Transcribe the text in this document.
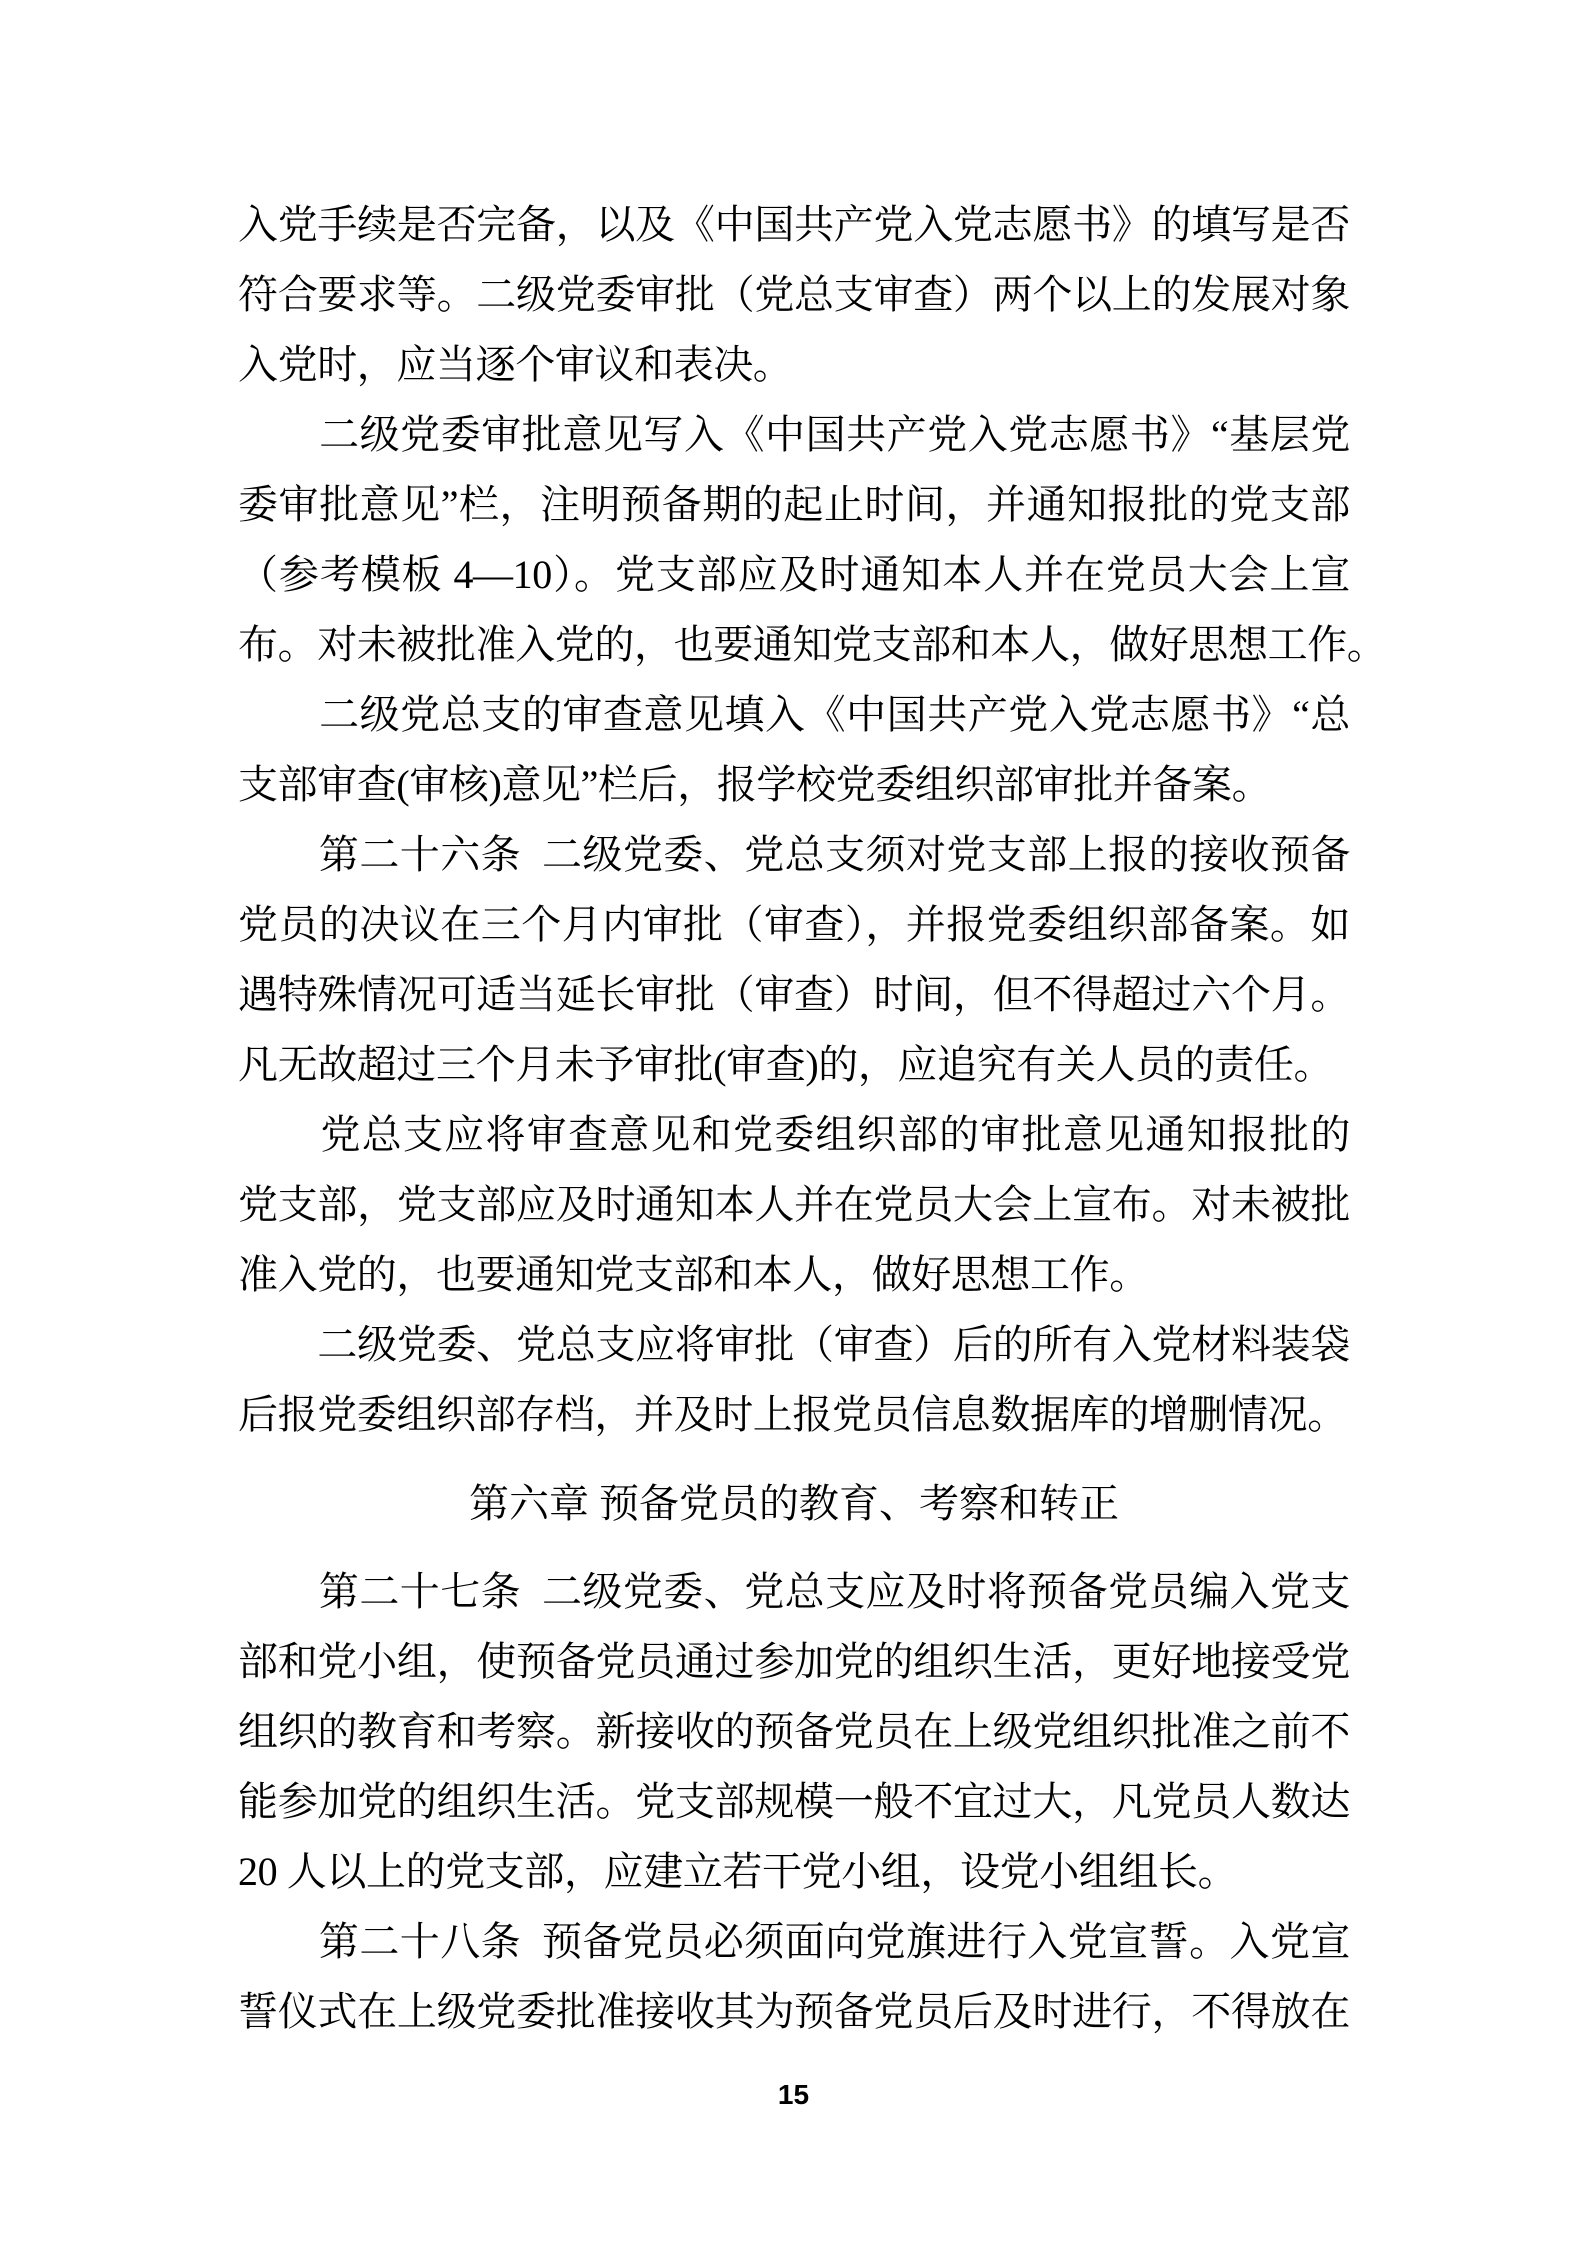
入党手续是否完备，以及《中国共产党入党志愿书》的填写是否
符合要求等。二级党委审批（党总支审查）两个以上的发展对象
入党时，应当逐个审议和表决。
　　二级党委审批意见写入《中国共产党入党志愿书》“基层党
委审批意见”栏，注明预备期的起止时间，并通知报批的党支部
（参考模板 4—10）。党支部应及时通知本人并在党员大会上宣
布。对未被批准入党的，也要通知党支部和本人，做好思想工作。
　　二级党总支的审查意见填入《中国共产党入党志愿书》“总
支部审查(审核)意见”栏后，报学校党委组织部审批并备案。
　　第二十六条  二级党委、党总支须对党支部上报的接收预备
党员的决议在三个月内审批（审查），并报党委组织部备案。如
遇特殊情况可适当延长审批（审查）时间，但不得超过六个月。
凡无故超过三个月未予审批(审查)的，应追究有关人员的责任。
　　党总支应将审查意见和党委组织部的审批意见通知报批的
党支部，党支部应及时通知本人并在党员大会上宣布。对未被批
准入党的，也要通知党支部和本人，做好思想工作。
　　二级党委、党总支应将审批（审查）后的所有入党材料装袋
后报党委组织部存档，并及时上报党员信息数据库的增删情况。
第六章 预备党员的教育、考察和转正
　　第二十七条  二级党委、党总支应及时将预备党员编入党支
部和党小组，使预备党员通过参加党的组织生活，更好地接受党
组织的教育和考察。新接收的预备党员在上级党组织批准之前不
能参加党的组织生活。党支部规模一般不宜过大，凡党员人数达
20 人以上的党支部，应建立若干党小组，设党小组组长。
　　第二十八条  预备党员必须面向党旗进行入党宣誓。入党宣
誓仪式在上级党委批准接收其为预备党员后及时进行，不得放在
15
